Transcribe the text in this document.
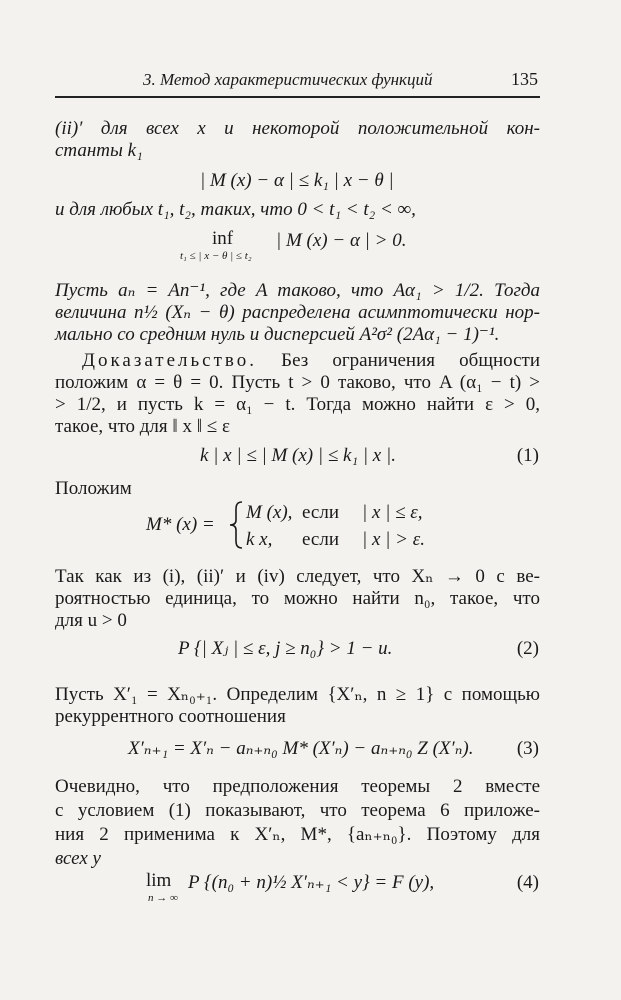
3. Метод характеристических функций	135
(ii)′ для всех x и некоторой положительной кон-
станты k₁
| M (x) − α | ≤ k₁ | x − θ |
и для любых t₁, t₂, таких, что 0 < t₁ < t₂ < ∞,
inf
t₁ ≤ | x − θ | ≤ t₂
| M (x) − α | > 0.
Пусть aₙ = An⁻¹, где A таково, что Aα₁ > 1/2. Тогда
величина n½ (Xₙ − θ) распределена асимптотически нор-
мально со средним нуль и дисперсией A²σ² (2Aα₁ − 1)⁻¹.
Доказательство. Без ограничения общности
положим α = θ = 0. Пусть t > 0 таково, что A (α₁ − t) >
> 1/2, и пусть k = α₁ − t. Тогда можно найти ε > 0,
такое, что для ‖ x ‖ ≤ ε
k | x | ≤ | M (x) | ≤ k₁ | x |.	(1)
Положим
M* (x) =
M (x), если | x | ≤ ε,
k x, если | x | > ε.
Так как из (i), (ii)′ и (iv) следует, что Xₙ → 0 с ве-
роятностью единица, то можно найти n₀, такое, что
для u > 0
P {| Xⱼ | ≤ ε, j ≥ n₀} > 1 − u.	(2)
Пусть X′₁ = Xₙ₀₊₁. Определим {X′ₙ, n ≥ 1} с помощью
рекуррентного соотношения
X′ₙ₊₁ = X′ₙ − aₙ₊ₙ₀ M* (X′ₙ) − aₙ₊ₙ₀ Z (X′ₙ). (3)
Очевидно, что предположения теоремы 2 вместе
с условием (1) показывают, что теорема 6 приложе-
ния 2 применима к X′ₙ, M*, {aₙ₊ₙ₀}. Поэтому для
всех y
lim
n → ∞
P {(n₀ + n)½ X′ₙ₊₁ < y} = F (y),	(4)
